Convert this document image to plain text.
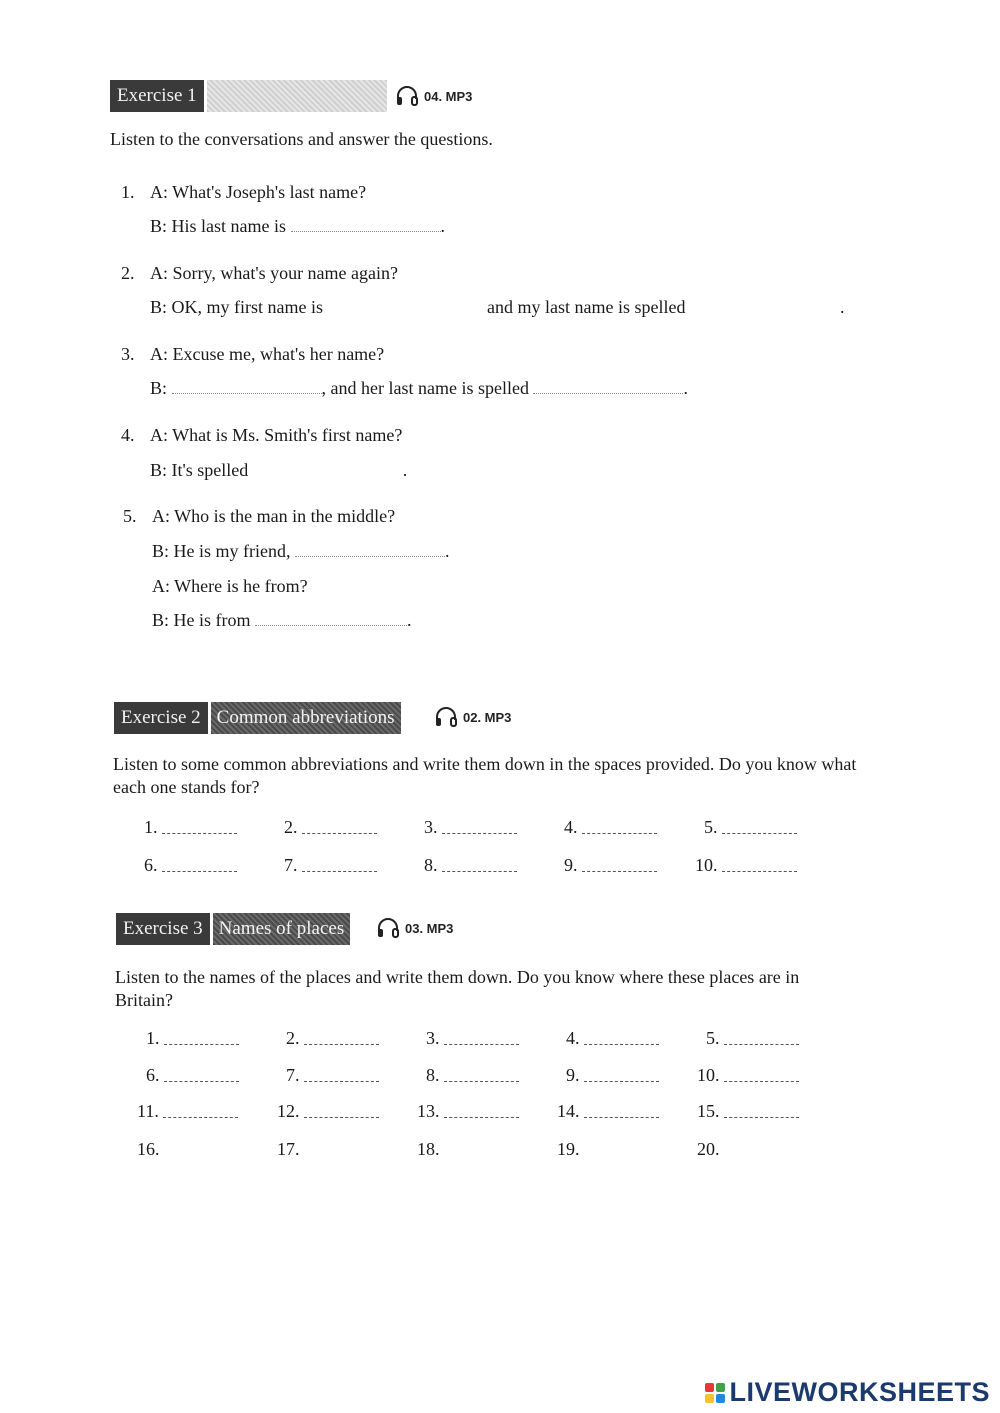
Exercise 1	04. MP3
Listen to the conversations and answer the questions.
1. A: What's Joseph's last name?
B: His last name is	.
2. A: Sorry, what's your name again?
B: OK, my first name is	and my last name is spelled	.
3. A: Excuse me, what's her name?
B:	, and her last name is spelled	.
4. A: What is Ms. Smith's first name?
B: It's spelled	.
5. A: Who is the man in the middle?
B: He is my friend,	.
A: Where is he from?
B: He is from	.
Exercise 2 Common abbreviations	02. MP3
Listen to some common abbreviations and write them down in the spaces provided. Do you know what
each one stands for?
1.	2.	3.	4.	5.
6.	7.	8.	9.	10.
Exercise 3 Names of places	03. MP3
Listen to the names of the places and write them down. Do you know where these places are in
Britain?
1.	2.	3.	4.	5.
6.	7.	8.	9.	10.
11.	12.	13.	14.	15.
16.	17.	18.	19.	20.
LIVEWORKSHEETS
